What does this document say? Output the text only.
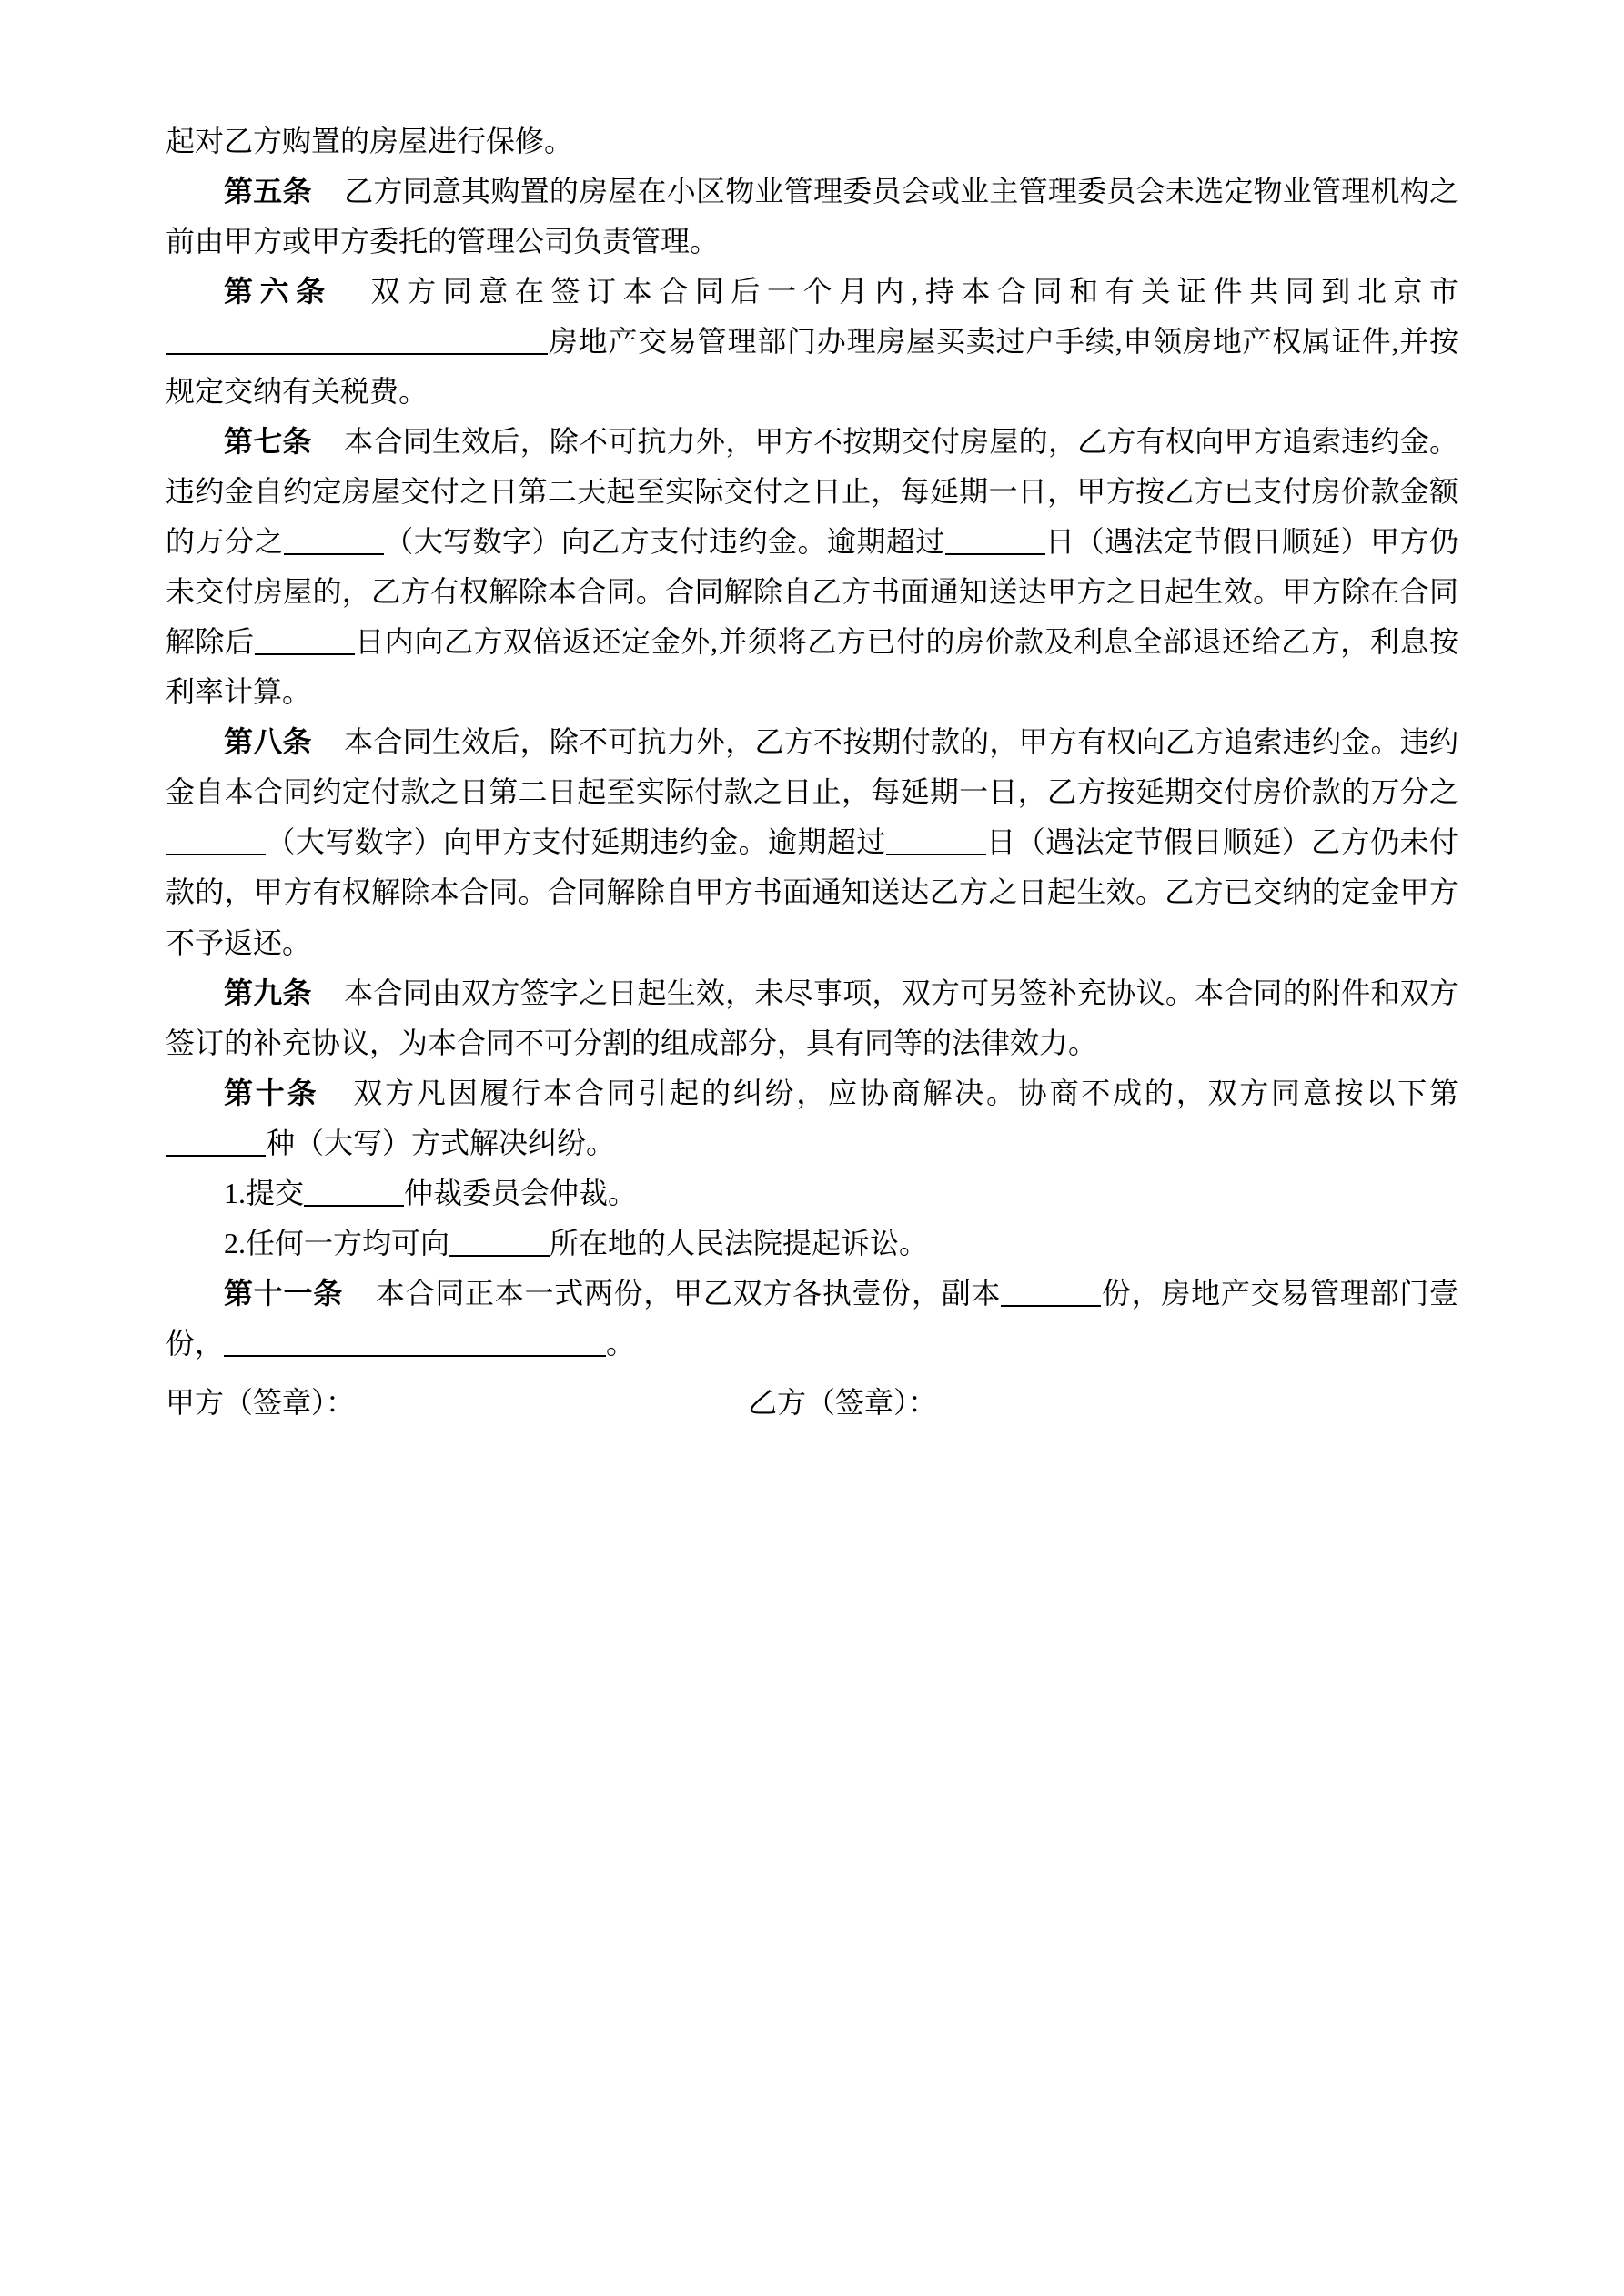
起对乙方购置的房屋进行保修。

第五条　 乙方同意其购置的房屋在小区物业管理委员会或业主管理委员会未选定物业管理机构之前由甲方或甲方委托的管理公司负责管理。

第六条　 双方同意在签订本合同后一个月内,持本合同和有关证件共同到北京市房地产交易管理部门办理房屋买卖过户手续,申领房地产权属证件,并按规定交纳有关税费。

第七条　 本合同生效后，除不可抗力外，甲方不按期交付房屋的，乙方有权向甲方追索违约金。违约金自约定房屋交付之日第二天起至实际交付之日止，每延期一日，甲方按乙方已支付房价款金额的万分之	（大写数字）向乙方支付违约金。逾期超过	日（遇法定节假日顺延）甲方仍未交付房屋的，乙方有权解除本合同。合同解除自乙方书面通知送达甲方之日起生效。甲方除在合同解除后	日内向乙方双倍返还定金外,并须将乙方已付的房价款及利息全部退还给乙方，利息按利率计算。

第八条　 本合同生效后，除不可抗力外，乙方不按期付款的，甲方有权向乙方追索违约金。违约金自本合同约定付款之日第二日起至实际付款之日止，每延期一日，乙方按延期交付房价款的万分之（大写数字）向甲方支付延期违约金。逾期超过	日（遇法定节假日顺延）乙方仍未付款的，甲方有权解除本合同。合同解除自甲方书面通知送达乙方之日起生效。乙方已交纳的定金甲方不予返还。

第九条　 本合同由双方签字之日起生效，未尽事项，双方可另签补充协议。本合同的附件和双方签订的补充协议，为本合同不可分割的组成部分，具有同等的法律效力。

第十条　 双方凡因履行本合同引起的纠纷，应协商解决。协商不成的，双方同意按以下第种（大写）方式解决纠纷。

1.提交	仲裁委员会仲裁。

2.任何一方均可向	所在地的人民法院提起诉讼。

第十一条　 本合同正本一式两份，甲乙双方各执壹份，副本	份，房地产交易管理部门壹份，	。

甲方（签章）：	乙方（签章）：
